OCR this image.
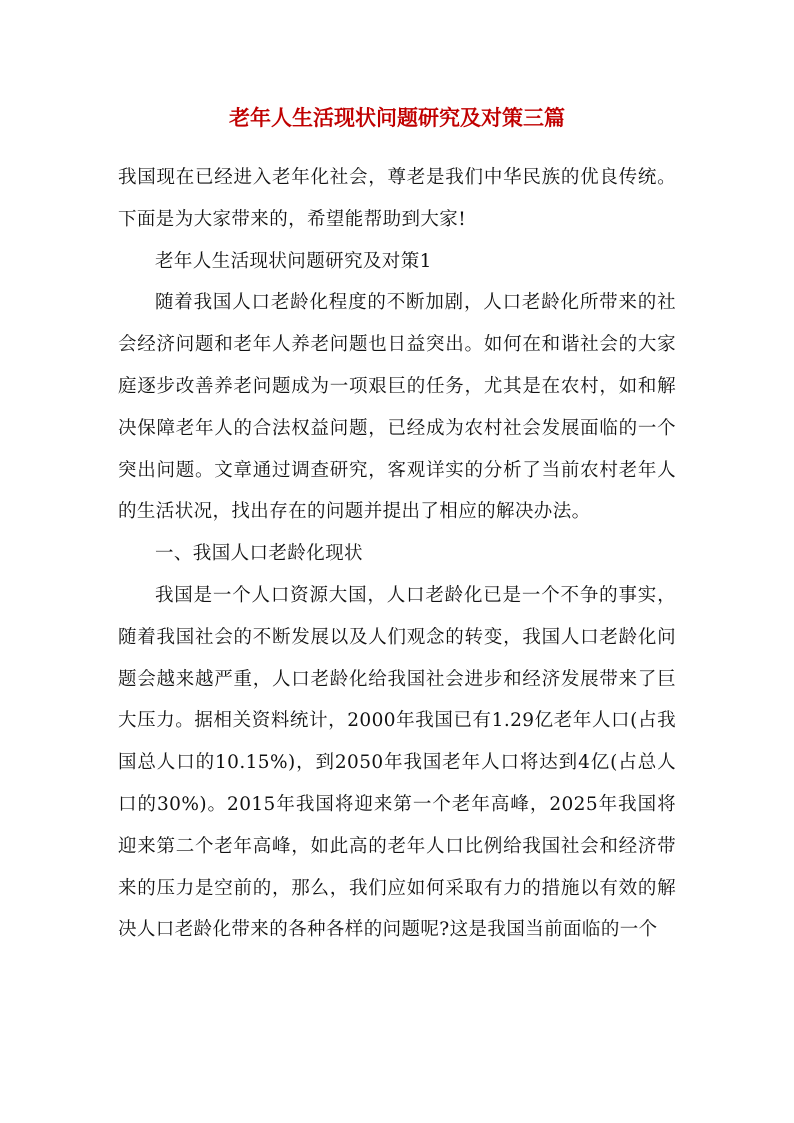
老年人生活现状问题研究及对策三篇

我国现在已经进入老年化社会，尊老是我们中华民族的优良传统。下面是为大家带来的，希望能帮助到大家!

老年人生活现状问题研究及对策1

随着我国人口老龄化程度的不断加剧，人口老龄化所带来的社会经济问题和老年人养老问题也日益突出。如何在和谐社会的大家庭逐步改善养老问题成为一项艰巨的任务，尤其是在农村，如和解决保障老年人的合法权益问题，已经成为农村社会发展面临的一个突出问题。文章通过调查研究，客观详实的分析了当前农村老年人的生活状况，找出存在的问题并提出了相应的解决办法。

一、我国人口老龄化现状

我国是一个人口资源大国，人口老龄化已是一个不争的事实，随着我国社会的不断发展以及人们观念的转变，我国人口老龄化问题会越来越严重，人口老龄化给我国社会进步和经济发展带来了巨大压力。据相关资料统计，2000年我国已有1.29亿老年人口(占我国总人口的10.15%)，到2050年我国老年人口将达到4亿(占总人口的30%)。2015年我国将迎来第一个老年高峰，2025年我国将迎来第二个老年高峰，如此高的老年人口比例给我国社会和经济带来的压力是空前的，那么，我们应如何采取有力的措施以有效的解决人口老龄化带来的各种各样的问题呢?这是我国当前面临的一个
